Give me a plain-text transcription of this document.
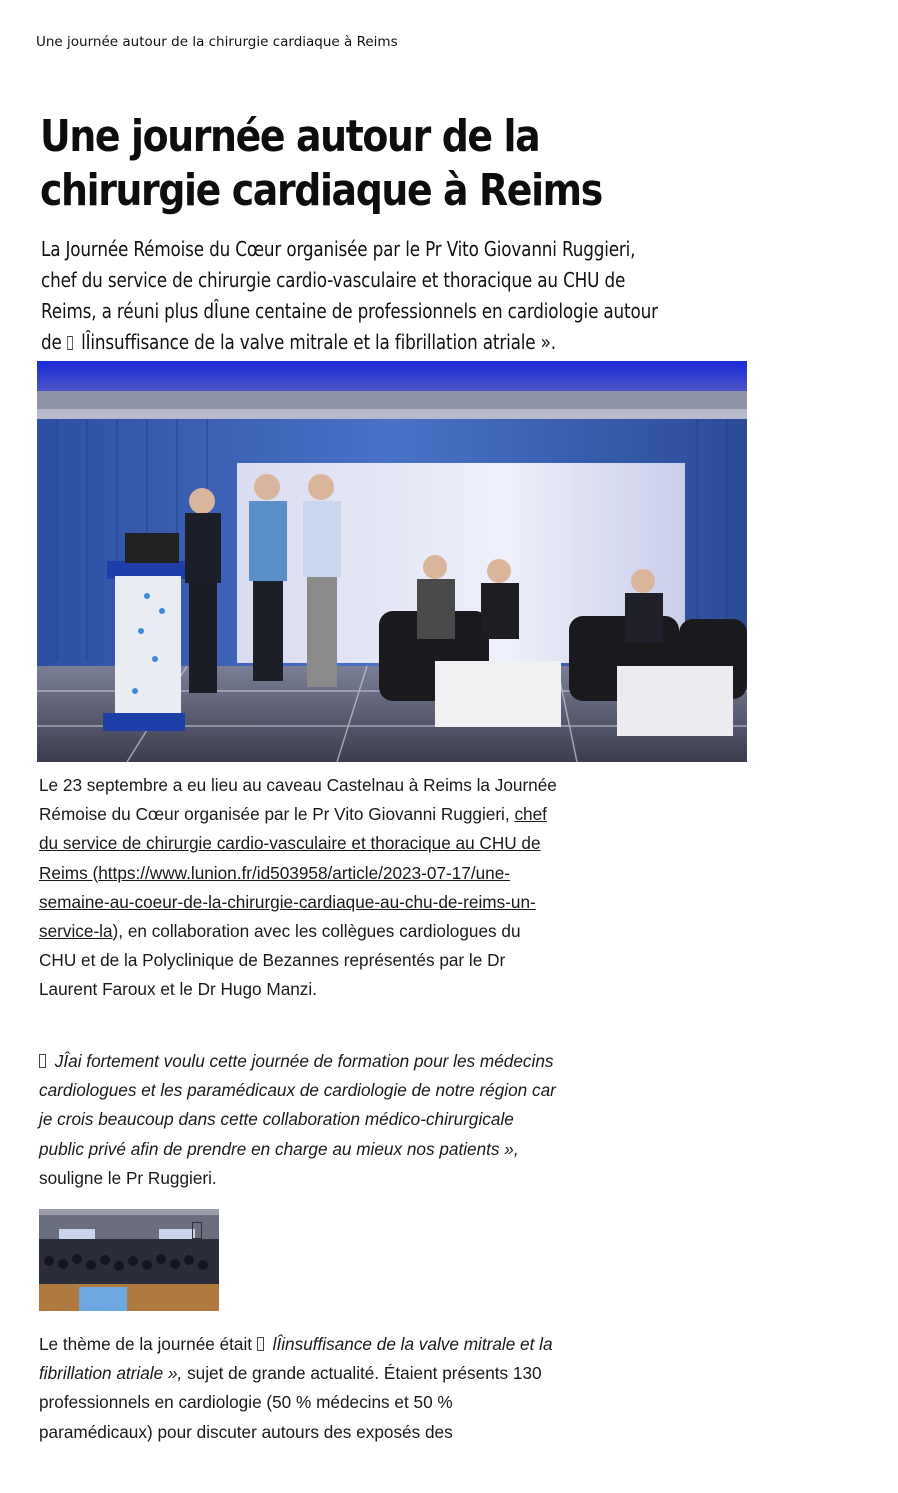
Une journée autour de la chirurgie cardiaque à Reims
Une journée autour de la chirurgie cardiaque à Reims

La Journée Rémoise du Cœur organisée par le Pr Vito Giovanni Ruggieri, chef du service de chirurgie cardio-vasculaire et thoracique au CHU de Reims, a réuni plus dÎune centaine de professionnels en cardiologie autour de  lÎinsuffisance de la valve mitrale et la fibrillation atriale ».

Le 23 septembre a eu lieu au caveau Castelnau à Reims la Journée Rémoise du Cœur organisée par le Pr Vito Giovanni Ruggieri, chef du service de chirurgie cardio-vasculaire et thoracique au CHU de Reims (https://www.lunion.fr/id503958/article/2023-07-17/une-semaine-au-coeur-de-la-chirurgie-cardiaque-au-chu-de-reims-un-service-la), en collaboration avec les collègues cardiologues du CHU et de la Polyclinique de Bezannes représentés par le Dr Laurent Faroux et le Dr Hugo Manzi.

JÎai fortement voulu cette journée de formation pour les médecins cardiologues et les paramédicaux de cardiologie de notre région car je crois beaucoup dans cette collaboration médico-chirurgicale public privé afin de prendre en charge au mieux nos patients », souligne le Pr Ruggieri.

Le thème de la journée était  lÎinsuffisance de la valve mitrale et la fibrillation atriale », sujet de grande actualité. Étaient présents 130 professionnels en cardiologie (50 % médecins et 50 % paramédicaux) pour discuter autours des exposés des
